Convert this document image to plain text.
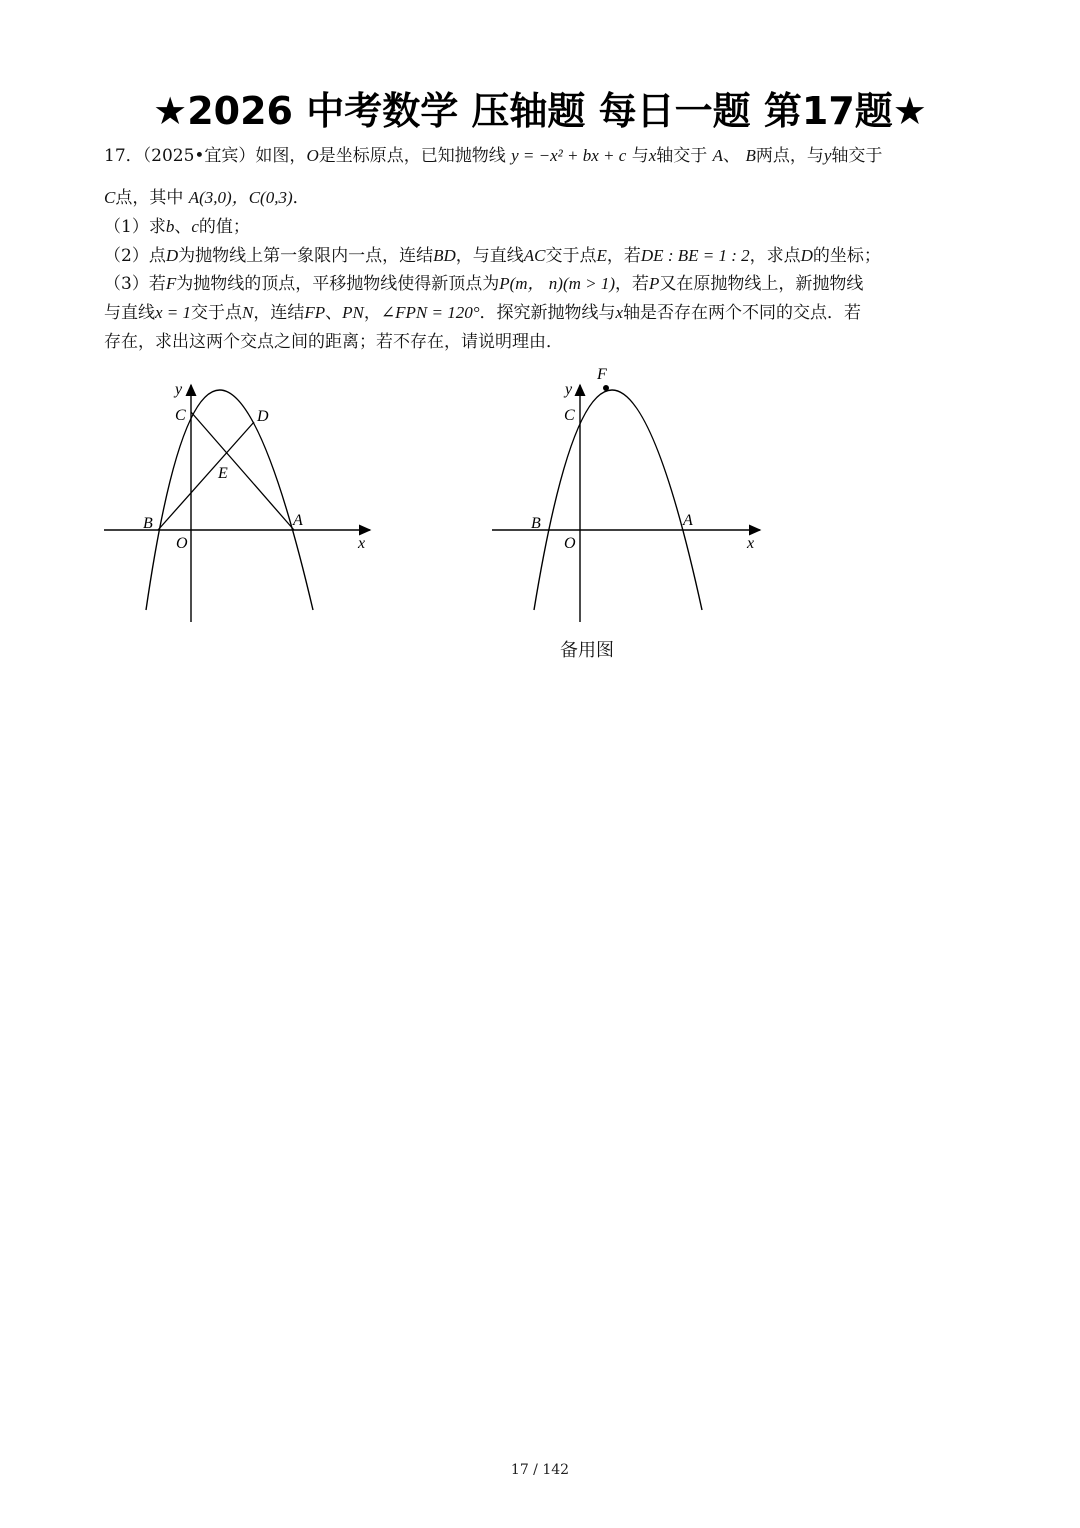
★2026 中考数学 压轴题 每日一题 第17题★
17．（2025•宜宾）如图，O是坐标原点，已知抛物线 y = −x² + bx + c 与x轴交于 A、 B两点，与y轴交于
C点，其中 A(3,0)，C(0,3)．
（1）求b、c的值；
（2）点D为抛物线上第一象限内一点，连结BD，与直线AC交于点E，若DE : BE = 1 : 2，求点D的坐标；
（3）若F为抛物线的顶点，平移抛物线使得新顶点为P(m， n)(m > 1)，若P又在原抛物线上，新抛物线
与直线x = 1交于点N，连结FP、PN，∠FPN = 120°．探究新抛物线与x轴是否存在两个不同的交点．若
存在，求出这两个交点之间的距离；若不存在，请说明理由．
y
x
O
A
B
C	D
E
y
x
O
A
B
C
F
备用图
17 / 142
